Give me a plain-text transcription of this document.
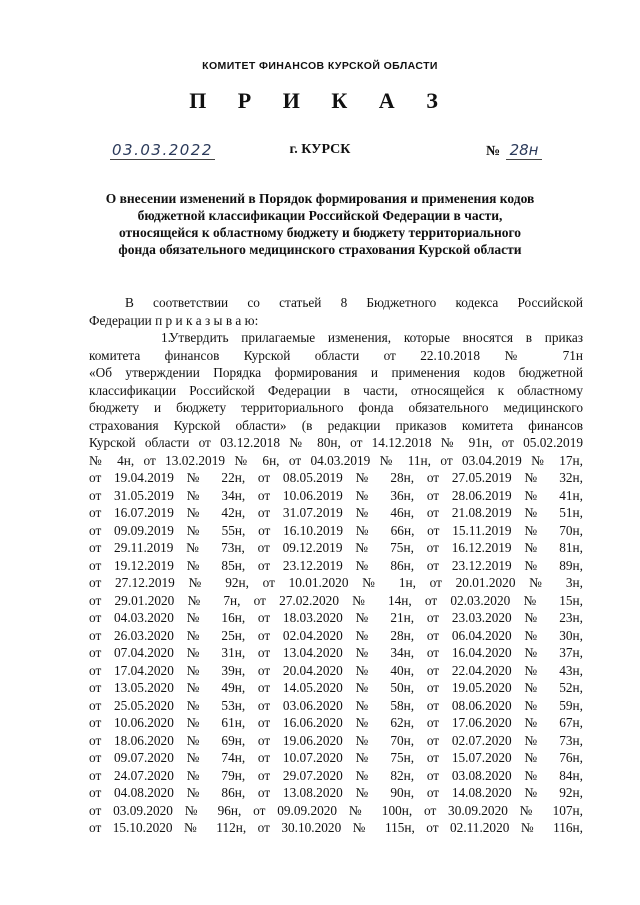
КОМИТЕТ ФИНАНСОВ КУРСКОЙ ОБЛАСТИ
П Р И К А З
03.03.2022	г. КУРСК	№ 28н
О внесении изменений в Порядок формирования и применения кодов
бюджетной классификации Российской Федерации в части,
относящейся к областному бюджету и бюджету территориального
фонда обязательного медицинского страхования Курской области

В соответствии со статьей 8 Бюджетного кодекса Российской

Федерации п р и к а з ы в а ю:

1.Утвердить прилагаемые изменения, которые вносятся в приказ

комитета финансов Курской области от 22.10.2018 № 71н

«Об утверждении Порядка формирования и применения кодов бюджетной

классификации Российской Федерации в части, относящейся к областному

бюджету и бюджету территориального фонда обязательного медицинского

страхования Курской области» (в редакции приказов комитета финансов

Курской области от 03.12.2018 № 80н, от 14.12.2018 № 91н, от 05.02.2019

№ 4н, от 13.02.2019 № 6н, от 04.03.2019 № 11н, от 03.04.2019 № 17н,

от 19.04.2019 № 22н, от 08.05.2019 № 28н, от 27.05.2019 № 32н,

от 31.05.2019 № 34н, от 10.06.2019 № 36н, от 28.06.2019 № 41н,

от 16.07.2019 № 42н, от 31.07.2019 № 46н, от 21.08.2019 № 51н,

от 09.09.2019 № 55н, от 16.10.2019 № 66н, от 15.11.2019 № 70н,

от 29.11.2019 № 73н, от 09.12.2019 № 75н, от 16.12.2019 № 81н,

от 19.12.2019 № 85н, от 23.12.2019 № 86н, от 23.12.2019 № 89н,

от 27.12.2019 № 92н, от 10.01.2020 № 1н, от 20.01.2020 № 3н,

от 29.01.2020 № 7н, от 27.02.2020 № 14н, от 02.03.2020 № 15н,

от 04.03.2020 № 16н, от 18.03.2020 № 21н, от 23.03.2020 № 23н,

от 26.03.2020 № 25н, от 02.04.2020 № 28н, от 06.04.2020 № 30н,

от 07.04.2020 № 31н, от 13.04.2020 № 34н, от 16.04.2020 № 37н,

от 17.04.2020 № 39н, от 20.04.2020 № 40н, от 22.04.2020 № 43н,

от 13.05.2020 № 49н, от 14.05.2020 № 50н, от 19.05.2020 № 52н,

от 25.05.2020 № 53н, от 03.06.2020 № 58н, от 08.06.2020 № 59н,

от 10.06.2020 № 61н, от 16.06.2020 № 62н, от 17.06.2020 № 67н,

от 18.06.2020 № 69н, от 19.06.2020 № 70н, от 02.07.2020 № 73н,

от 09.07.2020 № 74н, от 10.07.2020 № 75н, от 15.07.2020 № 76н,

от 24.07.2020 № 79н, от 29.07.2020 № 82н, от 03.08.2020 № 84н,

от 04.08.2020 № 86н, от 13.08.2020 № 90н, от 14.08.2020 № 92н,

от 03.09.2020 № 96н, от 09.09.2020 № 100н, от 30.09.2020 № 107н,

от 15.10.2020 № 112н, от 30.10.2020 № 115н, от 02.11.2020 № 116н,
